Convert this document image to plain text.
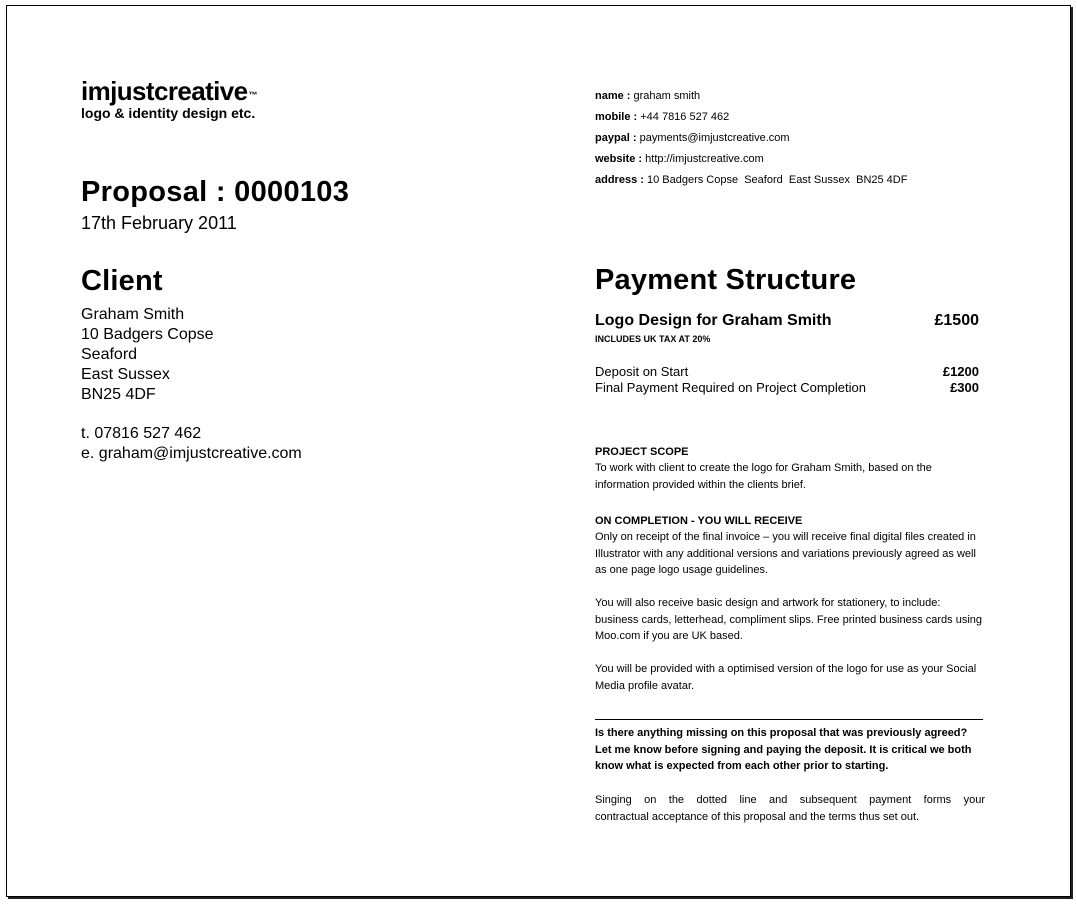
imjustcreative™
logo & identity design etc.
Proposal : 0000103
17th February 2011
Client
Graham Smith
10 Badgers Copse
Seaford
East Sussex
BN25 4DF
t. 07816 527 462
e. graham@imjustcreative.com
name : graham smith
mobile : +44 7816 527 462
paypal : payments@imjustcreative.com
website : http://imjustcreative.com
address : 10 Badgers Copse  Seaford  East Sussex  BN25 4DF
Payment Structure
Logo Design for Graham Smith	£1500
INCLUDES UK TAX AT 20%
Deposit on Start	£1200
Final Payment Required on Project Completion	£300
PROJECT SCOPE

To work with client to create the logo for Graham Smith, based on the information provided within the clients brief.

ON COMPLETION - YOU WILL RECEIVE

Only on receipt of the final invoice – you will receive final digital files created in Illustrator with any additional versions and variations previously agreed as well as one page logo usage guidelines.

You will also receive basic design and artwork for stationery, to include: business cards, letterhead, compliment slips. Free printed business cards using Moo.com if you are UK based.

You will be provided with a optimised version of the logo for use as your Social Media profile avatar.

Is there anything missing on this proposal that was previously agreed? Let me know before signing and paying the deposit. It is critical we both know what is expected from each other prior to starting.

Singing on the dotted line and subsequent payment forms your

contractual acceptance of this proposal and the terms thus set out.
